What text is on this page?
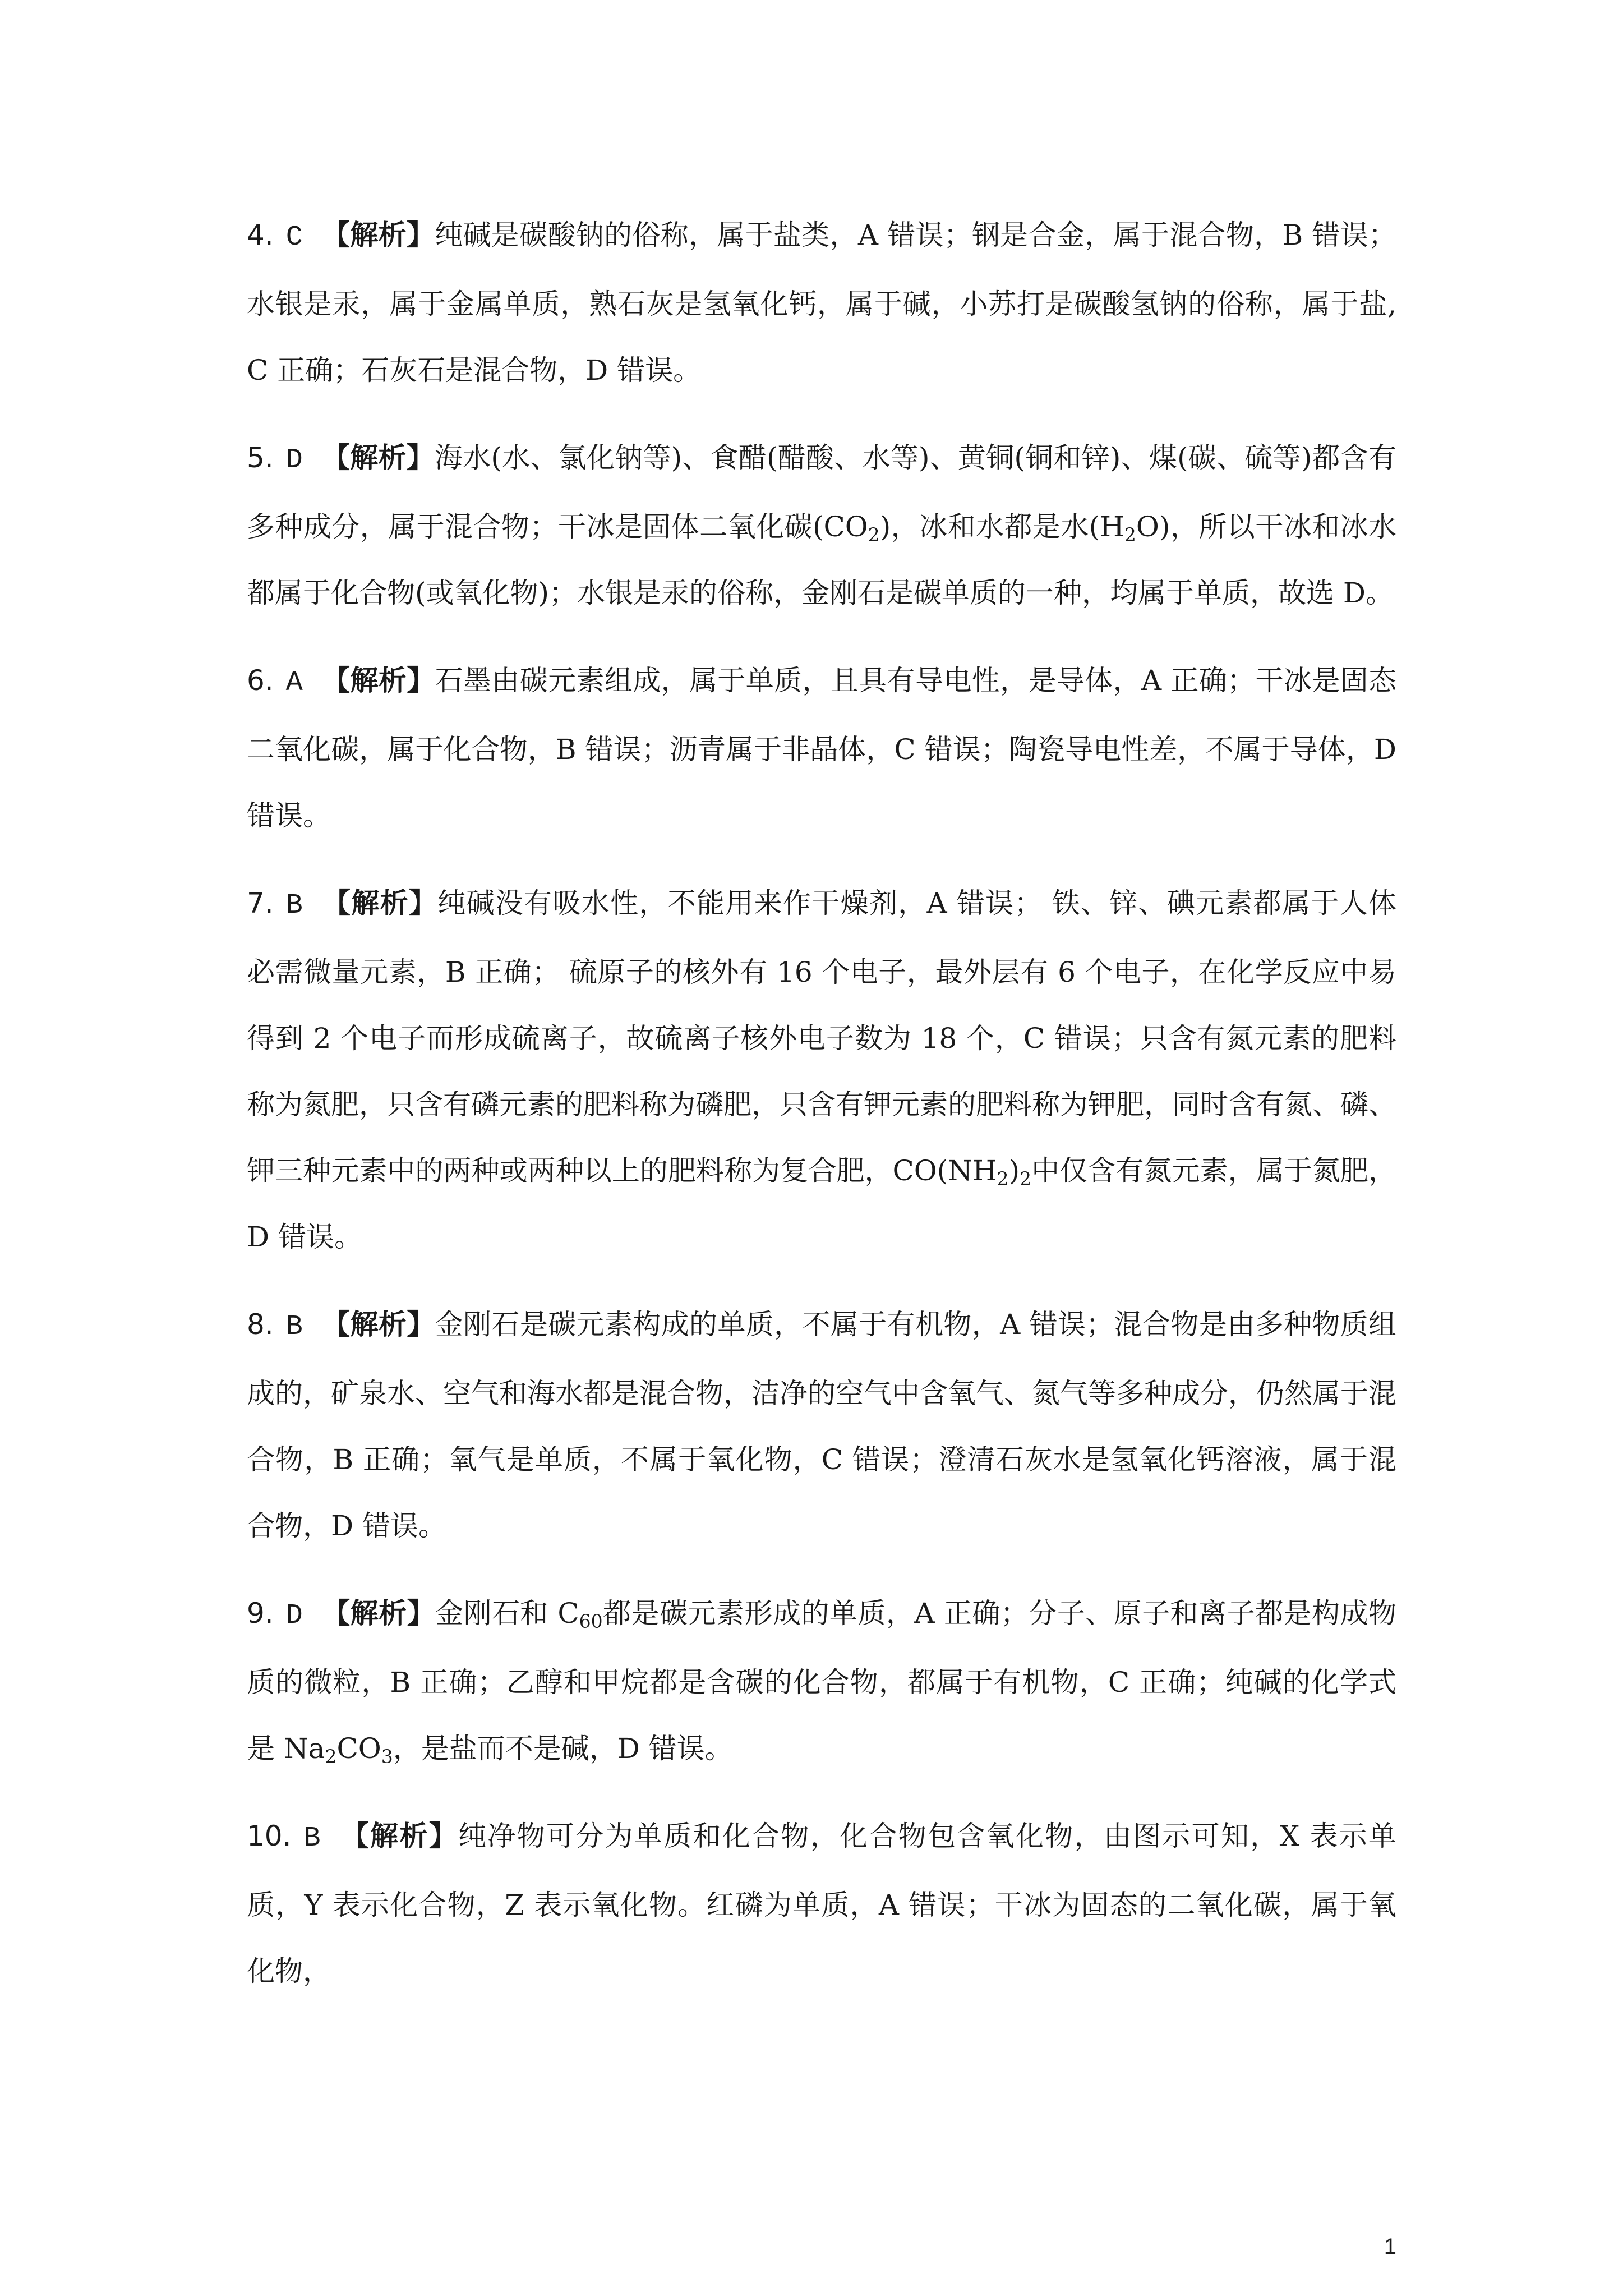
4. C 【解析】纯碱是碳酸钠的俗称，属于盐类，A 错误；钢是合金，属于混合物，B 错误；水银是汞，属于金属单质，熟石灰是氢氧化钙，属于碱，小苏打是碳酸氢钠的俗称，属于盐,C 正确；石灰石是混合物，D 错误。

5. D 【解析】海水(水、氯化钠等)、食醋(醋酸、水等)、黄铜(铜和锌)、煤(碳、硫等)都含有多种成分，属于混合物；干冰是固体二氧化碳$(CO_2)$，冰和水都是水$(H_2O)$，所以干冰和冰水都属于化合物(或氧化物)；水银是汞的俗称，金刚石是碳单质的一种，均属于单质，故选 D。

6. A 【解析】石墨由碳元素组成，属于单质，且具有导电性，是导体，A 正确；干冰是固态二氧化碳，属于化合物，B 错误；沥青属于非晶体，C 错误；陶瓷导电性差，不属于导体，D 错误。

7. B 【解析】纯碱没有吸水性，不能用来作干燥剂，A 错误； 铁、锌、碘元素都属于人体必需微量元素，B 正确； 硫原子的核外有 16 个电子，最外层有 6 个电子，在化学反应中易得到 2 个电子而形成硫离子，故硫离子核外电子数为 18 个，C 错误；只含有氮元素的肥料称为氮肥，只含有磷元素的肥料称为磷肥，只含有钾元素的肥料称为钾肥，同时含有氮、磷、钾三种元素中的两种或两种以上的肥料称为复合肥，$CO(NH_2)_2$中仅含有氮元素，属于氮肥，D 错误。

8. B 【解析】金刚石是碳元素构成的单质，不属于有机物，A 错误；混合物是由多种物质组成的，矿泉水、空气和海水都是混合物，洁净的空气中含氧气、氮气等多种成分，仍然属于混合物，B 正确；氧气是单质，不属于氧化物，C 错误；澄清石灰水是氢氧化钙溶液，属于混合物，D 错误。

9. D 【解析】金刚石和 $C_{60}$都是碳元素形成的单质，A 正确；分子、原子和离子都是构成物质的微粒，B 正确；乙醇和甲烷都是含碳的化合物，都属于有机物，C 正确；纯碱的化学式是 $Na_2CO_3$，是盐而不是碱，D 错误。

10. B 【解析】纯净物可分为单质和化合物，化合物包含氧化物，由图示可知，X 表示单质，Y 表示化合物，Z 表示氧化物。红磷为单质，A 错误；干冰为固态的二氧化碳，属于氧化物，

1
